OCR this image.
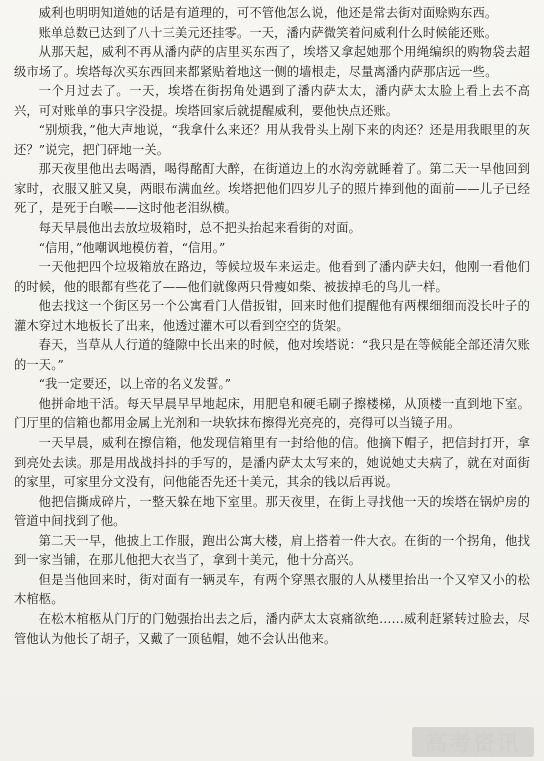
威利也明明知道她的话是有道理的，可不管他怎么说，他还是常去街对面赊购东西。

账单总数已达到了八十三美元还挂零。一天，潘内萨微笑着问威利什么时候能还账。

从那天起，威利不再从潘内萨的店里买东西了，埃塔又拿起她那个用绳编织的购物袋去超级市场了。埃塔每次买东西回来都紧贴着地这一侧的墙根走，尽量离潘内萨那店远一些。

一个月过去了。一天，埃塔在街拐角处遇到了潘内萨太太，潘内萨太太脸上看上去不高兴，可对账单的事只字没提。埃塔回家后就提醒威利，要他快点还账。

“别烦我，”他大声地说，“我拿什么来还？用从我骨头上剐下来的肉还？还是用我眼里的灰还？”说完，把门砰地一关。

那天夜里他出去喝酒，喝得酩酊大醉，在街道边上的水沟旁就睡着了。第二天一早他回到家时，衣服又脏又臭，两眼布满血丝。埃塔把他们四岁儿子的照片捧到他的面前——儿子已经死了，是死于白喉——这时他老泪纵横。

每天早晨他出去放垃圾箱时，总不把头抬起来看街的对面。

“信用，”他嘲讽地模仿着，“信用。”

一天他把四个垃圾箱放在路边，等候垃圾车来运走。他看到了潘内萨夫妇，他刚一看他们的时候，他的眼都有些花了——他们就像两只骨瘦如柴、被拔掉毛的鸟儿一样。

他去找这一个街区另一个公寓看门人借扳钳，回来时他们提醒他有两棵细细而没长叶子的灌木穿过木地板长了出来，他透过灌木可以看到空空的货架。

春天，当草从人行道的缝隙中长出来的时候，他对埃塔说：“我只是在等候能全部还清欠账的一天。”

“我一定要还，以上帝的名义发誓。”

他拼命地干活。每天早晨早早地起床，用肥皂和硬毛刷子擦楼梯，从顶楼一直到地下室。门厅里的信箱也都用金属上光剂和一块软抹布擦得光亮亮的，亮得可以当镜子用。

一天早晨，威利在擦信箱，他发现信箱里有一封给他的信。他摘下帽子，把信封打开，拿到亮处去读。那是用战战抖抖的手写的，是潘内萨太太写来的，她说她丈夫病了，就在对面街的家里，可家里分文没有，问他能否先还十美元，其余的钱以后再说。

他把信撕成碎片，一整天躲在地下室里。那天夜里，在街上寻找他一天的埃塔在锅炉房的管道中间找到了他。

第二天一早，他披上工作服，跑出公寓大楼，肩上搭着一件大衣。在街的一个拐角，他找到一家当铺，在那儿他把大衣当了，拿到十美元，他十分高兴。

但是当他回来时，街对面有一辆灵车，有两个穿黑衣服的人从楼里抬出一个又窄又小的松木棺柩。

在松木棺柩从门厅的门勉强抬出去之后，潘内萨太太哀痛欲绝……威利赶紧转过脸去，尽管他认为他长了胡子，又戴了一顶毡帽，她不会认出他来。

高考资讯
